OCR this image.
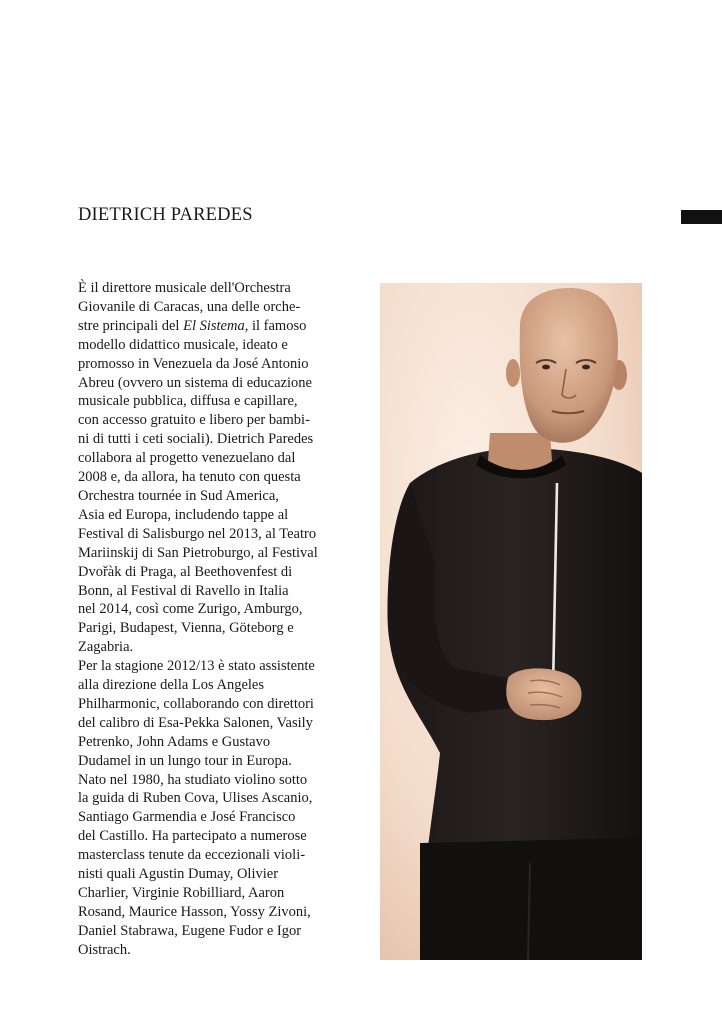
DIETRICH PAREDES
È il direttore musicale dell'Orchestra
Giovanile di Caracas, una delle orche-
stre principali del El Sistema, il famoso
modello didattico musicale, ideato e
promosso in Venezuela da José Antonio
Abreu (ovvero un sistema di educazione
musicale pubblica, diffusa e capillare,
con accesso gratuito e libero per bambi-
ni di tutti i ceti sociali). Dietrich Paredes
collabora al progetto venezuelano dal
2008 e, da allora, ha tenuto con questa
Orchestra tournée in Sud America,
Asia ed Europa, includendo tappe al
Festival di Salisburgo nel 2013, al Teatro
Mariinskij di San Pietroburgo, al Festival
Dvořàk di Praga, al Beethovenfest di
Bonn, al Festival di Ravello in Italia
nel 2014, così come Zurigo, Amburgo,
Parigi, Budapest, Vienna, Göteborg e
Zagabria.
Per la stagione 2012/13 è stato assistente
alla direzione della Los Angeles
Philharmonic, collaborando con direttori
del calibro di Esa-Pekka Salonen, Vasily
Petrenko, John Adams e Gustavo
Dudamel in un lungo tour in Europa.
Nato nel 1980, ha studiato violino sotto
la guida di Ruben Cova, Ulises Ascanio,
Santiago Garmendia e José Francisco
del Castillo. Ha partecipato a numerose
masterclass tenute da eccezionali violi-
nisti quali Agustin Dumay, Olivier
Charlier, Virginie Robilliard, Aaron
Rosand, Maurice Hasson, Yossy Zivoni,
Daniel Stabrawa, Eugene Fudor e Igor
Oistrach.
